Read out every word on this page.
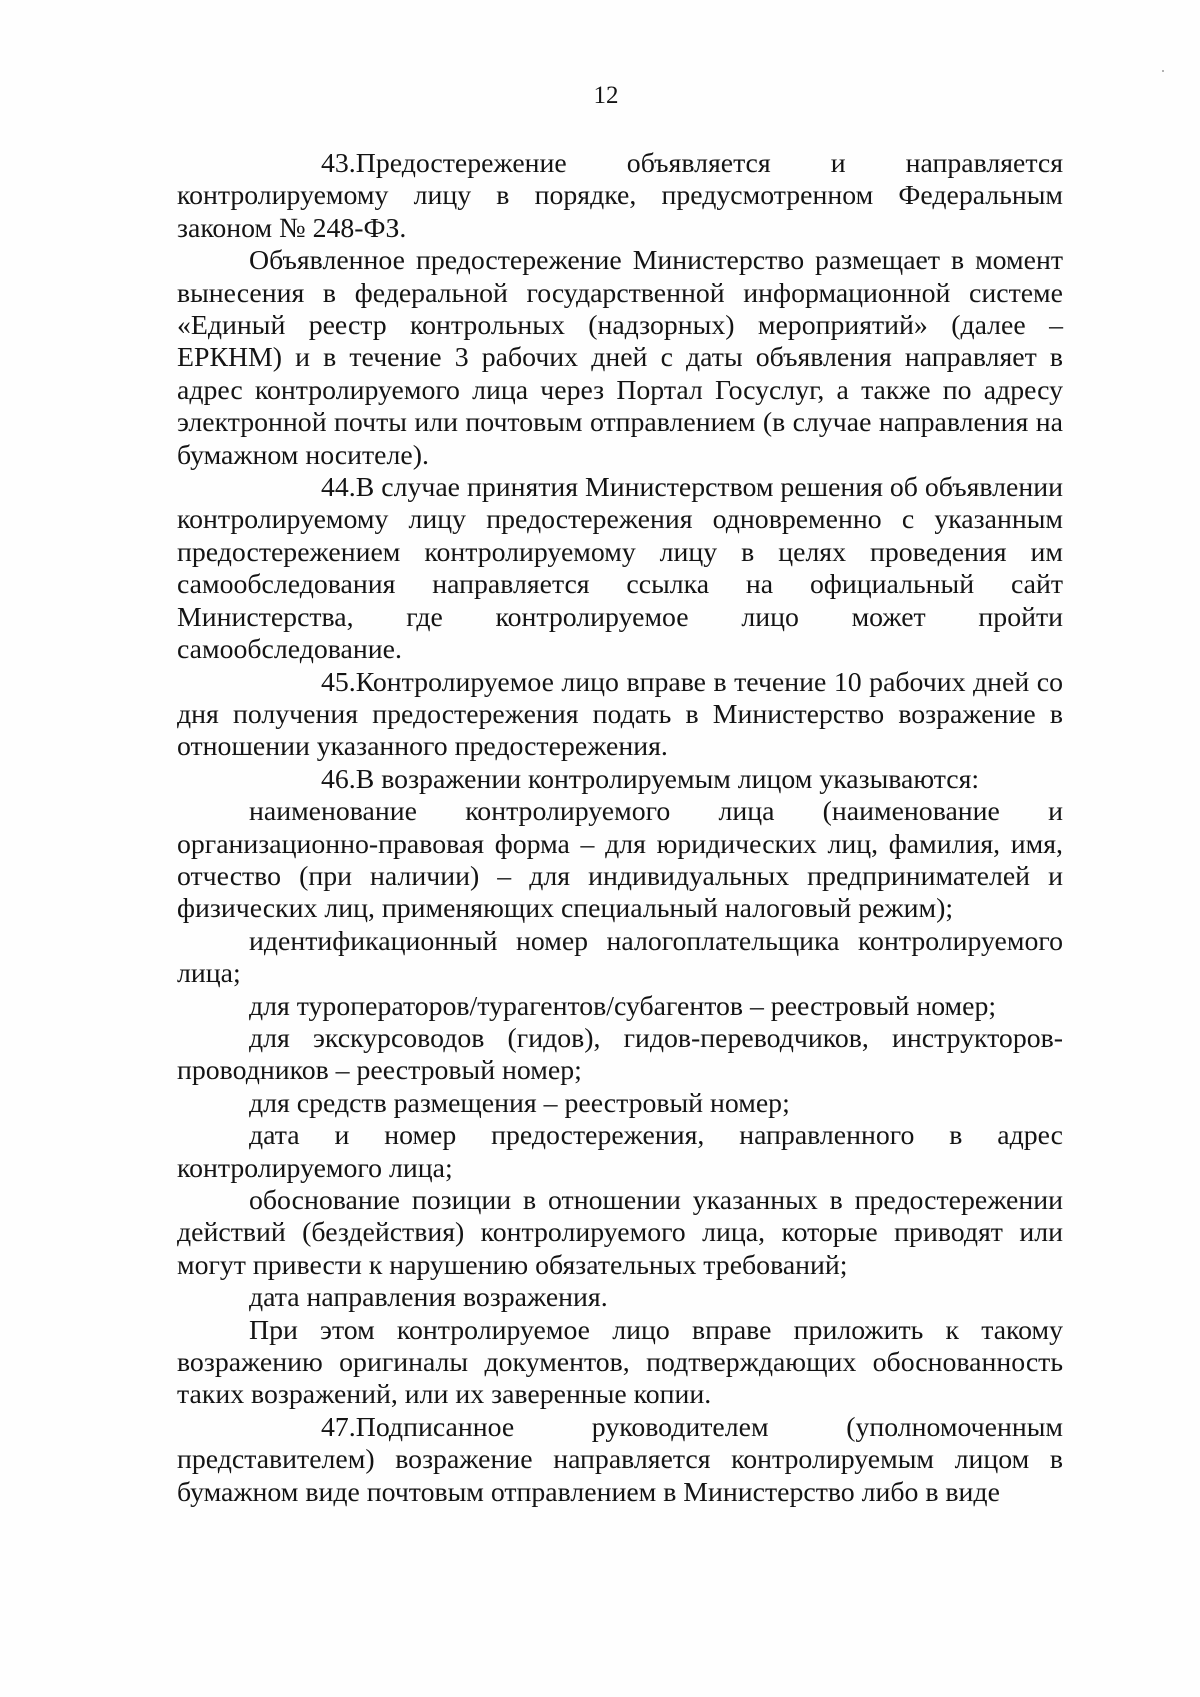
12

43.Предостережение объявляется и направляется контролируемому лицу в порядке, предусмотренном Федеральным законом № 248-ФЗ.

Объявленное предостережение Министерство размещает в момент вынесения в федеральной государственной информационной системе «Единый реестр контрольных (надзорных) мероприятий» (далее – ЕРКНМ) и в течение 3 рабочих дней с даты объявления направляет в адрес контролируемого лица через Портал Госуслуг, а также по адресу электронной почты или почтовым отправлением (в случае направления на бумажном носителе).

44.В случае принятия Министерством решения об объявлении контролируемому лицу предостережения одновременно с указанным предостережением контролируемому лицу в целях проведения им самообследования направляется ссылка на официальный сайт Министерства, где контролируемое лицо может пройти самообследование.

45.Контролируемое лицо вправе в течение 10 рабочих дней со дня получения предостережения подать в Министерство возражение в отношении указанного предостережения.

46.В возражении контролируемым лицом указываются:

наименование контролируемого лица (наименование и организационно-правовая форма – для юридических лиц, фамилия, имя, отчество (при наличии) – для индивидуальных предпринимателей и физических лиц, применяющих специальный налоговый режим);

идентификационный номер налогоплательщика контролируемого лица;

для туроператоров/турагентов/субагентов – реестровый номер;

для экскурсоводов (гидов), гидов-переводчиков, инструкторов-проводников – реестровый номер;

для средств размещения – реестровый номер;

дата и номер предостережения, направленного в адрес контролируемого лица;

обоснование позиции в отношении указанных в предостережении действий (бездействия) контролируемого лица, которые приводят или могут привести к нарушению обязательных требований;

дата направления возражения.

При этом контролируемое лицо вправе приложить к такому возражению оригиналы документов, подтверждающих обоснованность таких возражений, или их заверенные копии.

47.Подписанное руководителем (уполномоченным представителем) возражение направляется контролируемым лицом в бумажном виде почтовым отправлением в Министерство либо в виде
